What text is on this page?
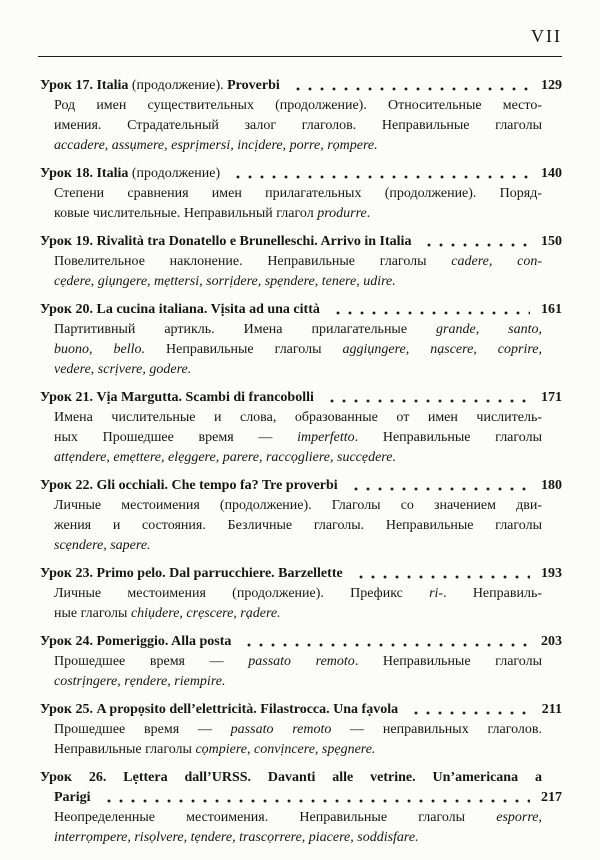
VII
Урок 17. Italia (продолжение). Proverbi	129
Род имен существительных (продолжение). Относительные место-
имения. Страдательный залог глаголов. Неправильные глаголы
accadere, assụmere, esprịmersi, incịdere, porre, rọmpere.
Урок 18. Italia (продолжение)	140
Степени сравнения имен прилагательных (продолжение). Поряд-
ковые числительные. Неправильный глагол produrre.
Урок 19. Rivalità tra Donatello e Brunelleschi. Arrivo in Italia	150
Повелительное наклонение. Неправильные глаголы cadere, con-
cẹdere, giụngere, mẹttersi, sorrịdere, spẹndere, tenere, udire.
Урок 20. La cucina italiana. Vịsita ad una città	161
Партитивный артикль. Имена прилагательные grande, santo,
buono, bello. Неправильные глаголы aggiụngere, nạscere, coprire,
vedere, scrịvere, godere.
Урок 21. Vịa Margutta. Scambi di francobolli	171
Имена числительные и слова, образованные от имен числитель-
ных Прошедшее время — imperfetto. Неправильные глаголы
attẹndere, emẹttere, elẹggere, parere, raccọgliere, succẹdere.
Урок 22. Gli occhiali. Che tempo fa? Tre proverbi	180
Личные местоимения (продолжение). Глаголы со значением дви-
жения и состояния. Безличные глаголы. Неправильные глаголы
scẹndere, sapere.
Урок 23. Primo pelo. Dal parrucchiere. Barzellette	193
Личные местоимения (продолжение). Префикс ri-. Неправиль-
ные глаголы chiụdere, crẹscere, rạdere.
Урок 24. Pomeriggio. Alla posta	203
Прошедшее время — passato remoto. Неправильные глаголы
costrịngere, rẹndere, riempire.
Урок 25. A propọsito dell’elettricità. Filastrocca. Una fạvola	211
Прошедшее время — passato remoto — неправильных глаголов.
Неправильные глаголы cọmpiere, convịncere, spẹgnere.
Урок 26. Lẹttera dall’URSS. Davanti alle vetrine. Un’americana a
Parigi	217
Неопределенные местоимения. Неправильные глаголы esporre,
interrọmpere, risọlvere, tẹndere, trascọrrere, piacere, soddisfare.
